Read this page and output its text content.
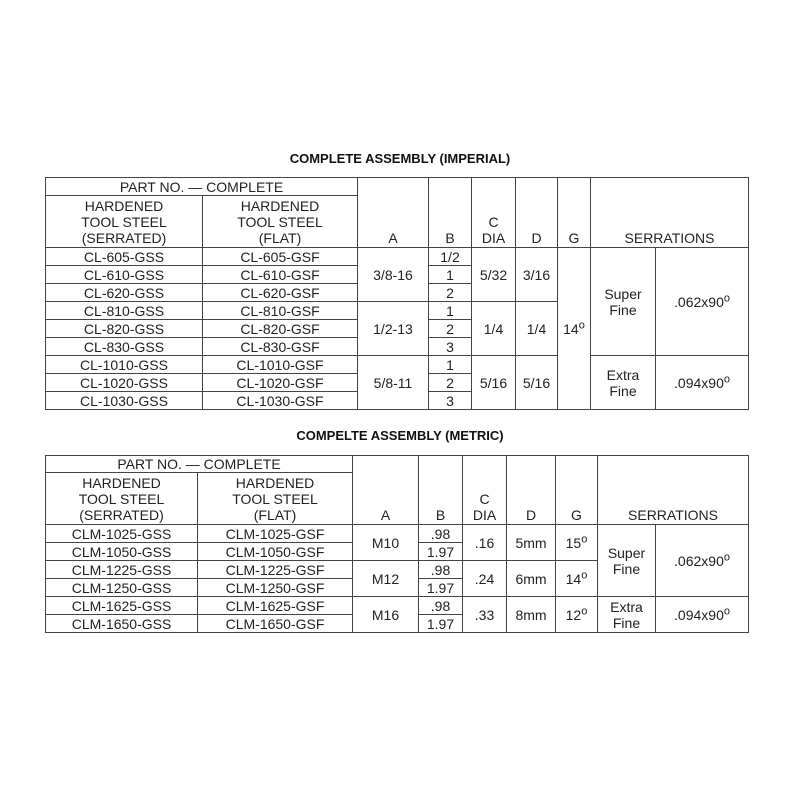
COMPLETE ASSEMBLY (IMPERIAL)
PART NO. — COMPLETE		A	B	C
DIA	D	G	SERRATIONS	

HARDENED
TOOL STEEL
(SERRATED)	HARDENED
TOOL STEEL
(FLAT)							

CL-605-GSS	CL-605-GSF	3/8-16	1/2	5/32	3/16	14$^o$	Super
Fine	.062x90$^o$
CL-610-GSS	CL-610-GSF		1					
CL-620-GSS	CL-620-GSF		2					
CL-810-GSS	CL-810-GSF	1/2-13	1	1/4	1/4			
CL-820-GSS	CL-820-GSF		2					
CL-830-GSS	CL-830-GSF		3					
CL-1010-GSS	CL-1010-GSF	5/8-11	1	5/16	5/16		Extra
Fine	.094x90$^o$
CL-1020-GSS	CL-1020-GSF		2					
CL-1030-GSS	CL-1030-GSF		3					
COMPELTE ASSEMBLY (METRIC)
PART NO. — COMPLETE		A	B	C
DIA	D	G	SERRATIONS	

HARDENED
TOOL STEEL
(SERRATED)	HARDENED
TOOL STEEL
(FLAT)							

CLM-1025-GSS	CLM-1025-GSF	M10	.98	.16	5mm	15$^o$	Super
Fine	.062x90$^o$
CLM-1050-GSS	CLM-1050-GSF		1.97					
CLM-1225-GSS	CLM-1225-GSF	M12	.98	.24	6mm	14$^o$
CLM-1250-GSS	CLM-1250-GSF		1.97					
CLM-1625-GSS	CLM-1625-GSF	M16	.98	.33	8mm	12$^o$	Extra
Fine	.094x90$^o$
CLM-1650-GSS	CLM-1650-GSF		1.97					
